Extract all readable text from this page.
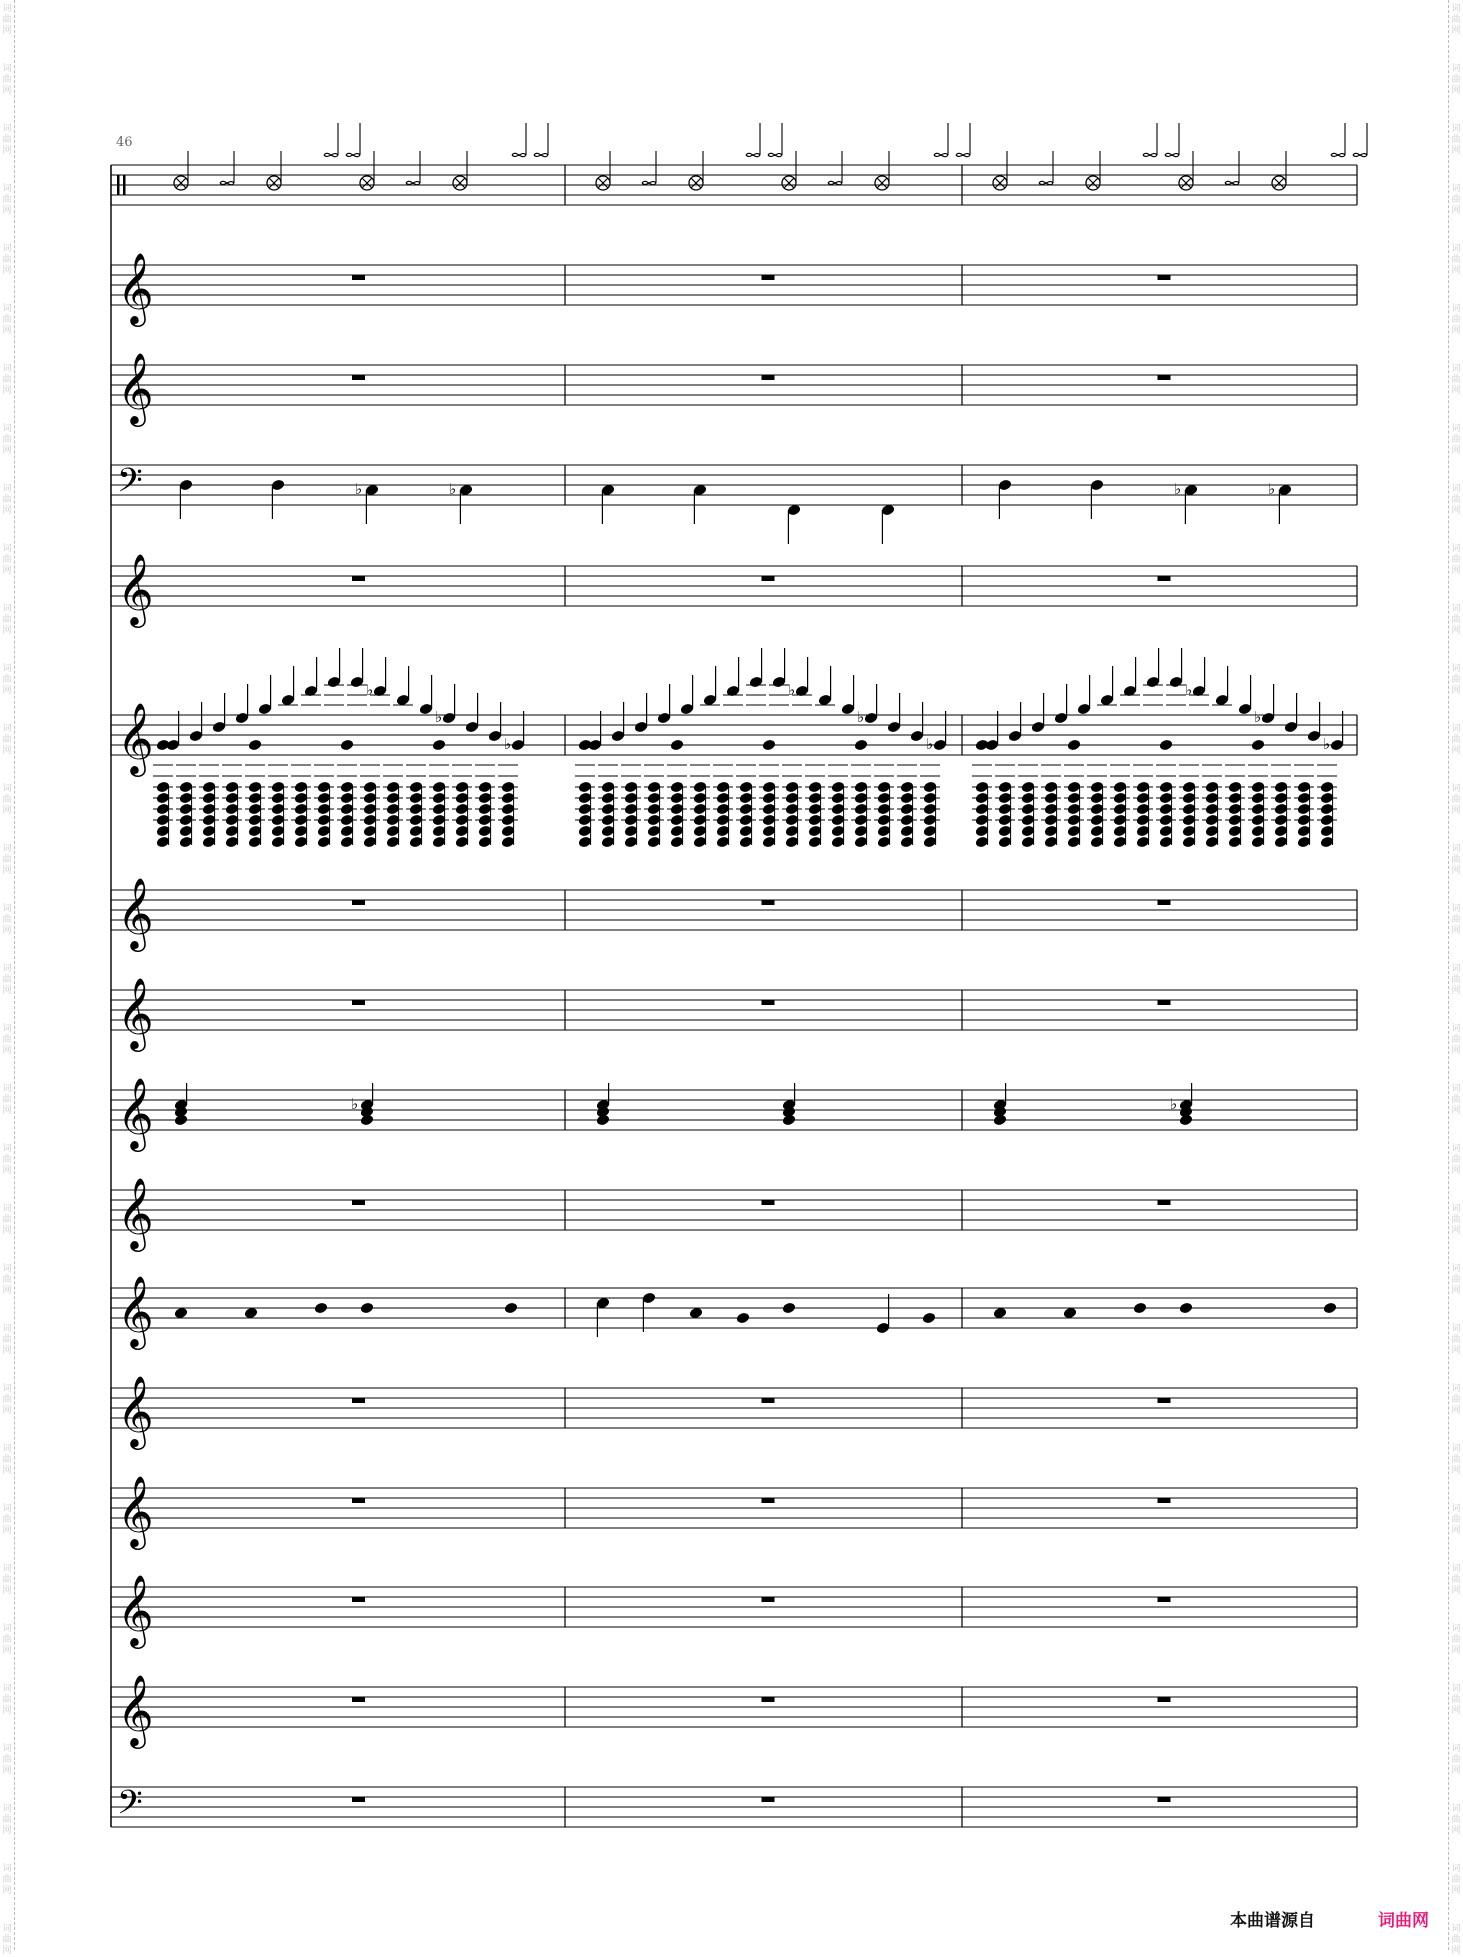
词
曲
网
词
曲
网
词
曲
网
词
曲
网
词
曲
网
词
曲
网
词
曲
网
词
曲
网
词
曲
网
词
曲
网
词
曲
网
词
曲
网
词
曲
网
词
曲
网
词
曲
网
词
曲
网
词
曲
网
词
曲
网
词
曲
网
词
曲
网
词
曲
网
词
曲
网
词
曲
网
词
曲
网
词
曲
网
词
曲
网
词
曲
网
词
曲
网
词
曲
网
词
曲
网
词
曲
网
词
曲
网
词
曲
网
词
曲
网
词
曲
网
词
曲
网
词
曲
网
词
曲
网
词
曲
网
词
曲
网
词
曲
网
词
曲
网
词
曲
网
词
曲
网
词
曲
网
词
曲
网
词
曲
网
词
曲
网
词
曲
网
词
曲
网
词
曲
网
词
曲
网
词
曲
网
词
曲
网
词
曲
网
词
曲
网
词
曲
网
词
曲
网
词
曲
网
词
曲
网
词
曲
网
词
曲
网
词
曲
网
词
曲
网
词
曲
网
词
曲
网
46
𝄞
𝄞
𝄢	♭	♭	♭	♭
𝄞
𝄞
♭
♭
♭
♭
♭
♭
♭
♭
♭
𝄞
𝄞
𝄞	♭	♭
𝄞
𝄞
𝄞
𝄞
𝄞
𝄞
𝄢
本曲谱源自	词曲网
